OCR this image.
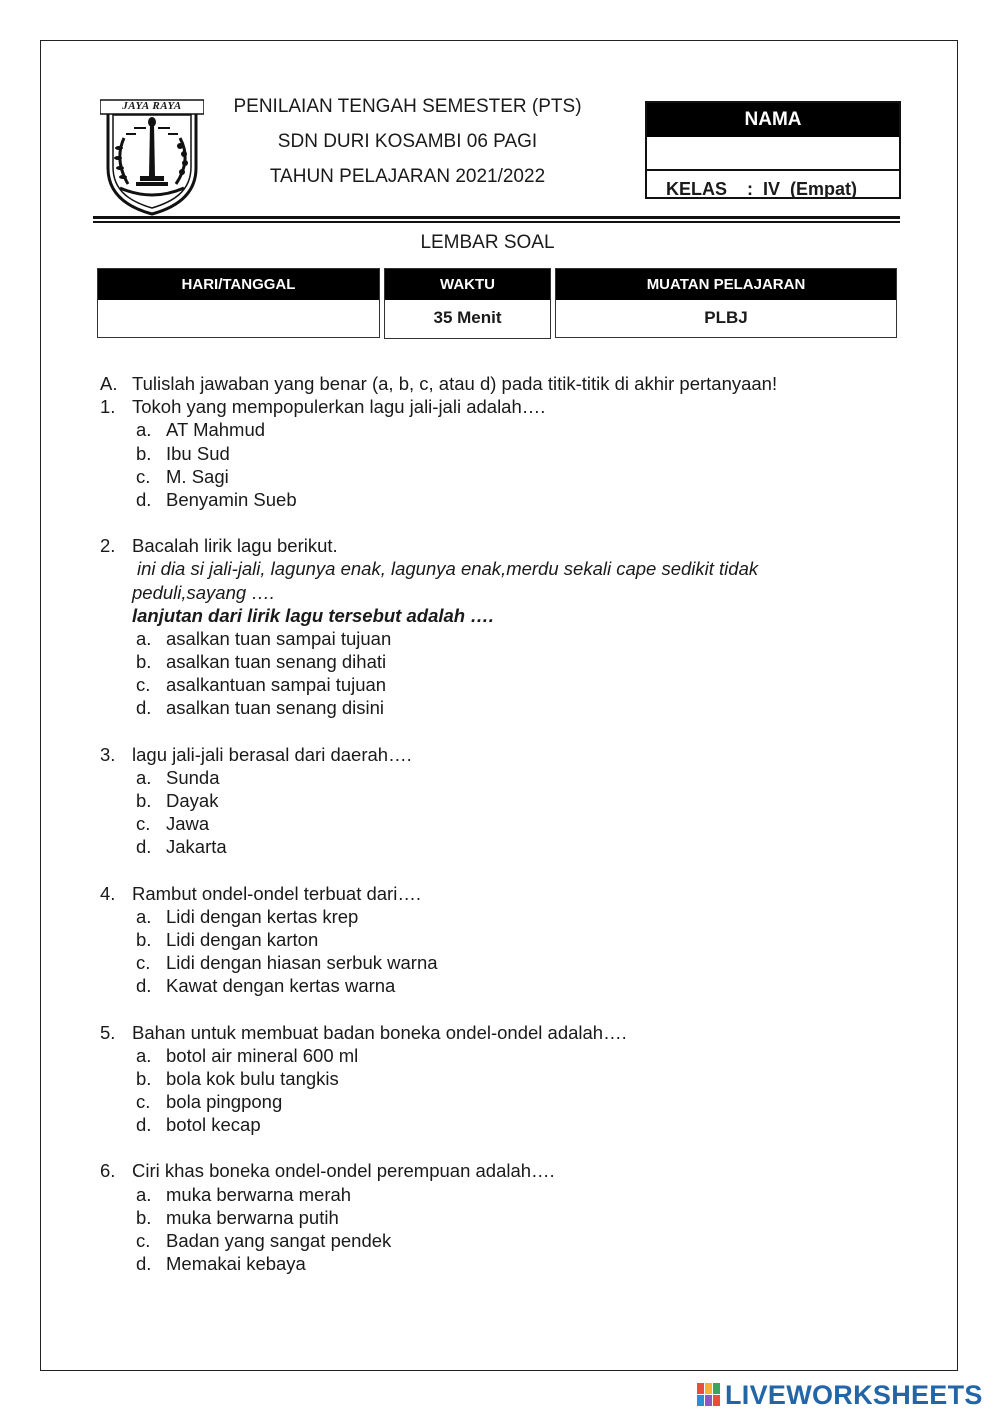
JAYA RAYA	PENILAIAN TENGAH SEMESTER (PTS)
SDN DURI KOSAMBI 06 PAGI
TAHUN PELAJARAN 2021/2022
NAMA
KELAS    :  IV  (Empat)
LEMBAR SOAL
HARI/TANGGAL	WAKTU
35 Menit
MUATAN PELAJARAN
PLBJ
A. Tulislah jawaban yang benar (a, b, c, atau d) pada titik-titik di akhir pertanyaan!
1. Tokoh yang mempopulerkan lagu jali-jali adalah….
a. AT Mahmud
b. Ibu Sud
c. M. Sagi
d. Benyamin Sueb
2. Bacalah lirik lagu berikut.
ini dia si jali-jali, lagunya enak, lagunya enak,merdu sekali cape sedikit tidak
peduli,sayang ….
lanjutan dari lirik lagu tersebut adalah ….
a. asalkan tuan sampai tujuan
b. asalkan tuan senang dihati
c. asalkantuan sampai tujuan
d. asalkan tuan senang disini
3. lagu jali-jali berasal dari daerah….
a. Sunda
b. Dayak
c. Jawa
d. Jakarta
4. Rambut ondel-ondel terbuat dari….
a. Lidi dengan kertas krep
b. Lidi dengan karton
c. Lidi dengan hiasan serbuk warna
d. Kawat dengan kertas warna
5. Bahan untuk membuat badan boneka ondel-ondel adalah….
a. botol air mineral 600 ml
b. bola kok bulu tangkis
c. bola pingpong
d. botol kecap
6. Ciri khas boneka ondel-ondel perempuan adalah….
a. muka berwarna merah
b. muka berwarna putih
c. Badan yang sangat pendek
d. Memakai kebaya
LIVEWORKSHEETS
